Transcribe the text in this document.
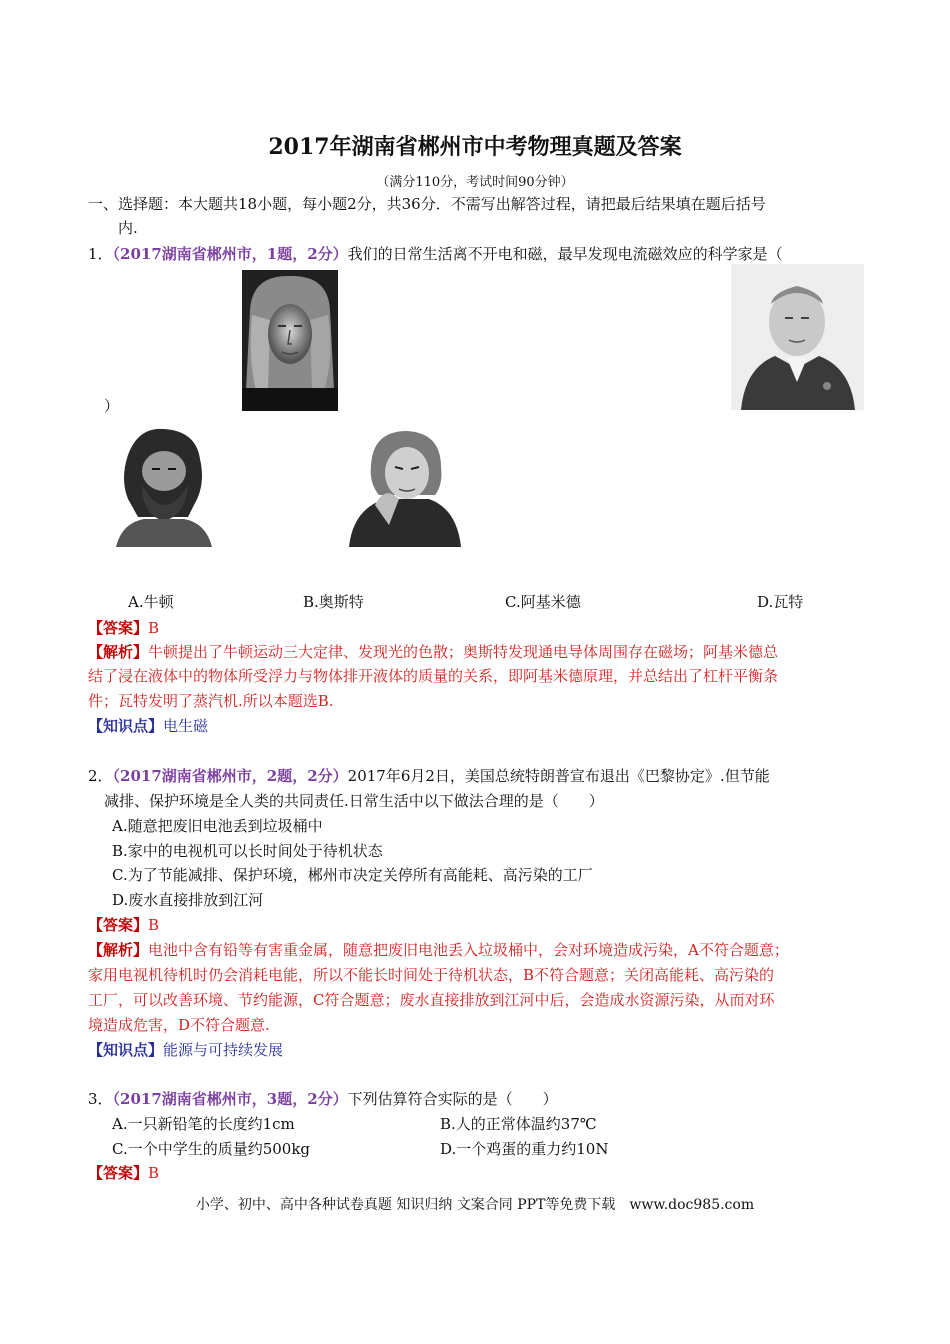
2017年湖南省郴州市中考物理真题及答案
（满分110分，考试时间90分钟）
一、选择题：本大题共18小题，每小题2分，共36分．不需写出解答过程，请把最后结果填在题后括号
内.
1．（2017湖南省郴州市，1题，2分）我们的日常生活离不开电和磁，最早发现电流磁效应的科学家是（
）
A.牛顿	B.奥斯特	C.阿基米德	D.瓦特
【答案】B
【解析】牛顿提出了牛顿运动三大定律、发现光的色散；奥斯特发现通电导体周围存在磁场；阿基米德总
结了浸在液体中的物体所受浮力与物体排开液体的质量的关系，即阿基米德原理，并总结出了杠杆平衡条
件；瓦特发明了蒸汽机.所以本题选B.
【知识点】电生磁
2．（2017湖南省郴州市，2题，2分）2017年6月2日，美国总统特朗普宣布退出《巴黎协定》.但节能
减排、保护环境是全人类的共同责任.日常生活中以下做法合理的是（　　）
A.随意把废旧电池丢到垃圾桶中
B.家中的电视机可以长时间处于待机状态
C.为了节能减排、保护环境，郴州市决定关停所有高能耗、高污染的工厂
D.废水直接排放到江河
【答案】B
【解析】电池中含有铅等有害重金属，随意把废旧电池丢入垃圾桶中，会对环境造成污染，A不符合题意；
家用电视机待机时仍会消耗电能，所以不能长时间处于待机状态，B不符合题意；关闭高能耗、高污染的
工厂，可以改善环境、节约能源，C符合题意；废水直接排放到江河中后，会造成水资源污染，从而对环
境造成危害，D不符合题意.
【知识点】能源与可持续发展
3．（2017湖南省郴州市，3题，2分）下列估算符合实际的是（　　）
A.一只新铅笔的长度约1cm	B.人的正常体温约37℃
C.一个中学生的质量约500kg	D.一个鸡蛋的重力约10N
【答案】B
小学、初中、高中各种试卷真题 知识归纳 文案合同 PPT等免费下载　www.doc985.com
